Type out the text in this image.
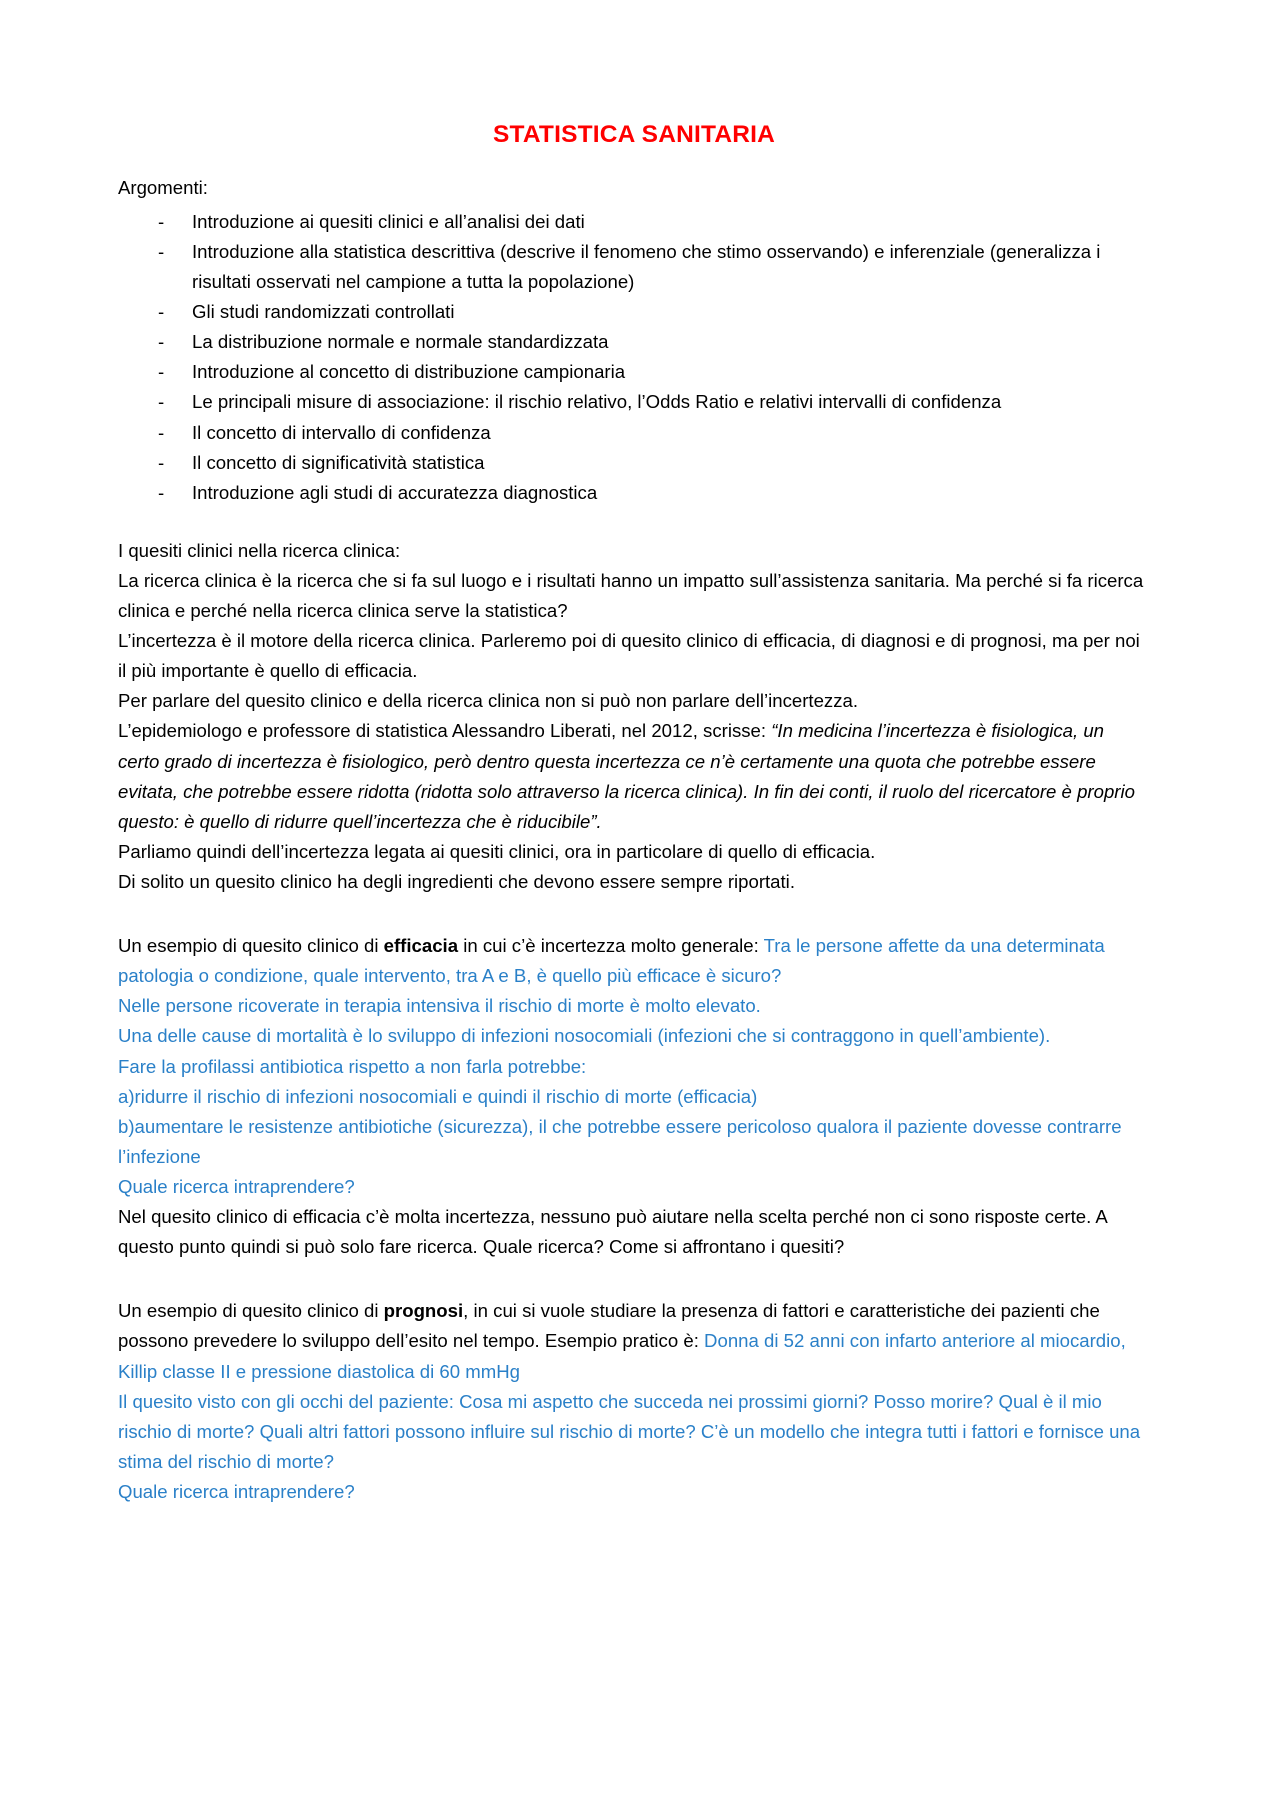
STATISTICA SANITARIA

Argomenti:

- Introduzione ai quesiti clinici e all’analisi dei dati
- Introduzione alla statistica descrittiva (descrive il fenomeno che stimo osservando) e inferenziale (generalizza i risultati osservati nel campione a tutta la popolazione)
- Gli studi randomizzati controllati
- La distribuzione normale e normale standardizzata
- Introduzione al concetto di distribuzione campionaria
- Le principali misure di associazione: il rischio relativo, l’Odds Ratio e relativi intervalli di confidenza
- Il concetto di intervallo di confidenza
- Il concetto di significatività statistica
- Introduzione agli studi di accuratezza diagnostica

I quesiti clinici nella ricerca clinica:

La ricerca clinica è la ricerca che si fa sul luogo e i risultati hanno un impatto sull’assistenza sanitaria. Ma perché si fa ricerca clinica e perché nella ricerca clinica serve la statistica?

L’incertezza è il motore della ricerca clinica. Parleremo poi di quesito clinico di efficacia, di diagnosi e di prognosi, ma per noi il più importante è quello di efficacia.

Per parlare del quesito clinico e della ricerca clinica non si può non parlare dell’incertezza.

L’epidemiologo e professore di statistica Alessandro Liberati, nel 2012, scrisse: “In medicina l’incertezza è fisiologica, un certo grado di incertezza è fisiologico, però dentro questa incertezza ce n’è certamente una quota che potrebbe essere evitata, che potrebbe essere ridotta (ridotta solo attraverso la ricerca clinica). In fin dei conti, il ruolo del ricercatore è proprio questo: è quello di ridurre quell’incertezza che è riducibile”.

Parliamo quindi dell’incertezza legata ai quesiti clinici, ora in particolare di quello di efficacia.

Di solito un quesito clinico ha degli ingredienti che devono essere sempre riportati.

Un esempio di quesito clinico di efficacia in cui c’è incertezza molto generale: Tra le persone affette da una determinata patologia o condizione, quale intervento, tra A e B, è quello più efficace è sicuro?

Nelle persone ricoverate in terapia intensiva il rischio di morte è molto elevato.

Una delle cause di mortalità è lo sviluppo di infezioni nosocomiali (infezioni che si contraggono in quell’ambiente).

Fare la profilassi antibiotica rispetto a non farla potrebbe:

a)ridurre il rischio di infezioni nosocomiali e quindi il rischio di morte (efficacia)

b)aumentare le resistenze antibiotiche (sicurezza), il che potrebbe essere pericoloso qualora il paziente dovesse contrarre l’infezione

Quale ricerca intraprendere?

Nel quesito clinico di efficacia c’è molta incertezza, nessuno può aiutare nella scelta perché non ci sono risposte certe. A questo punto quindi si può solo fare ricerca. Quale ricerca? Come si affrontano i quesiti?

Un esempio di quesito clinico di prognosi, in cui si vuole studiare la presenza di fattori e caratteristiche dei pazienti che possono prevedere lo sviluppo dell’esito nel tempo. Esempio pratico è: Donna di 52 anni con infarto anteriore al miocardio, Killip classe II e pressione diastolica di 60 mmHg

Il quesito visto con gli occhi del paziente: Cosa mi aspetto che succeda nei prossimi giorni? Posso morire? Qual è il mio rischio di morte? Quali altri fattori possono influire sul rischio di morte? C’è un modello che integra tutti i fattori e fornisce una stima del rischio di morte?

Quale ricerca intraprendere?
